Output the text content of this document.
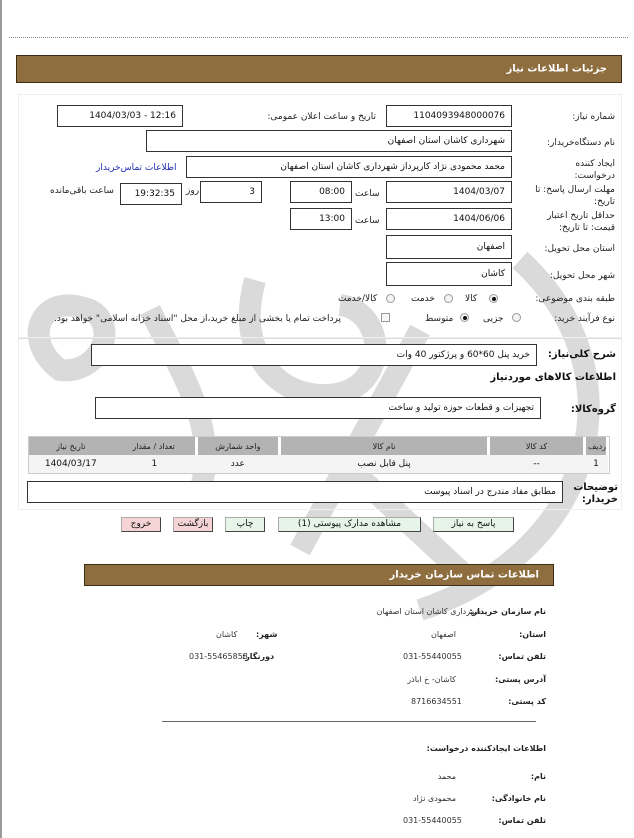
جزئیات اطلاعات نیاز
شماره نیاز:
1104093948000076
تاریخ و ساعت اعلان عمومی:
1404/03/03 - 12:16
نام دستگاه‌خریدار:
شهرداری کاشان استان اصفهان
ایجاد کننده درخواست:
محمد محمودی نژاد کارپرداز شهرداری کاشان استان اصفهان
اطلاعات تماس‌خریدار
مهلت ارسال پاسخ: تا تاریخ:
1404/03/07
ساعت
08:00
3
روز
19:32:35
ساعت باقی‌مانده
حداقل تاریخ اعتبار قیمت: تا تاریخ:
1404/06/06
ساعت
13:00
استان محل تحویل:
اصفهان
شهر محل تحویل:
کاشان
طبقه بندی موضوعی:
کالا
خدمت
کالا/خدمت
نوع فرآیند خرید:
جزیی
متوسط
پرداخت تمام یا بخشی از مبلغ خرید،از محل "اسناد خزانه اسلامی" خواهد بود.
شرح کلی‌نیاز:
خرید پنل 60*60 و پرژکتور 40 وات
اطلاعات کالاهای موردنیاز
گروه‌کالا:
تجهیزات و قطعات حوزه تولید و ساخت
ردیف	کد کالا	نام کالا	واحد شمارش	تعداد / مقدار	تاریخ نیاز
1	--	پنل قابل نصب	عدد	1	1404/03/17
توضیحات خریدار:
مطابق مفاد مندرج در اسناد پیوست
پاسخ به نیاز
مشاهده مدارک پیوستی (1)
چاپ
بازگشت
خروج
اطلاعات تماس سازمان خریدار
نام سازمان خریدار:
شهرداری کاشان استان اصفهان
استان:
اصفهان
شهر:
کاشان
تلفن تماس:
031-55440055
دورنگار:
031-55465858
آدرس پستی:
کاشان- خ اباذر
کد پستی:
8716634551
اطلاعات ایجادکننده درخواست:
نام:
محمد
نام خانوادگی:
محمودی نژاد
تلفن تماس:
031-55440055
